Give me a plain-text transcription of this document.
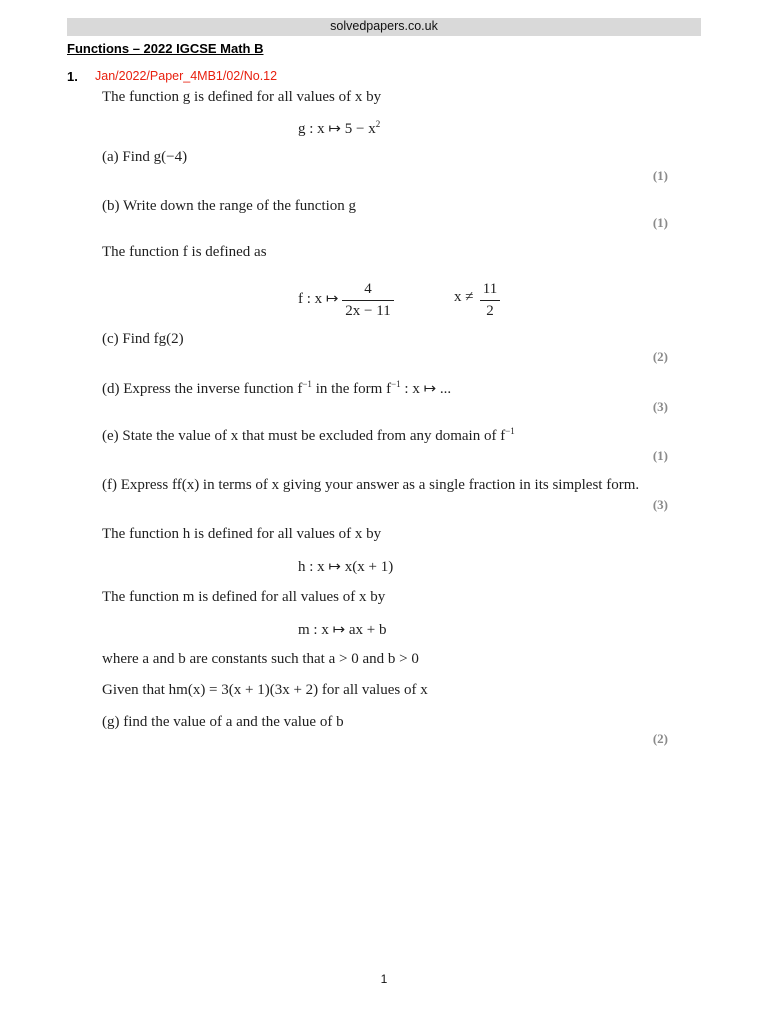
solvedpapers.co.uk
Functions – 2022 IGCSE Math B
1. Jan/2022/Paper_4MB1/02/No.12
The function g is defined for all values of x by
g : x ↦ $5 - x^2$
(a) Find g(−4)
(1)
(b) Write down the range of the function g
(1)
The function f is defined as
f : x ↦
4
2x − 11
x ≠ 11
2
(c) Find fg(2)
(2)
(d) Express the inverse function $f^{-1}$ in the form $f^{-1}$ : x ↦ ...
(3)
(e) State the value of x that must be excluded from any domain of $f^{-1}$
(1)
(f) Express ff(x) in terms of x giving your answer as a single fraction in its simplest form.
(3)
The function h is defined for all values of x by
h : x ↦ x(x + 1)
The function m is defined for all values of x by
m : x ↦ ax + b
where a and b are constants such that a > 0 and b > 0
Given that hm(x) = 3(x + 1)(3x + 2) for all values of x
(g) find the value of a and the value of b
(2)
1
